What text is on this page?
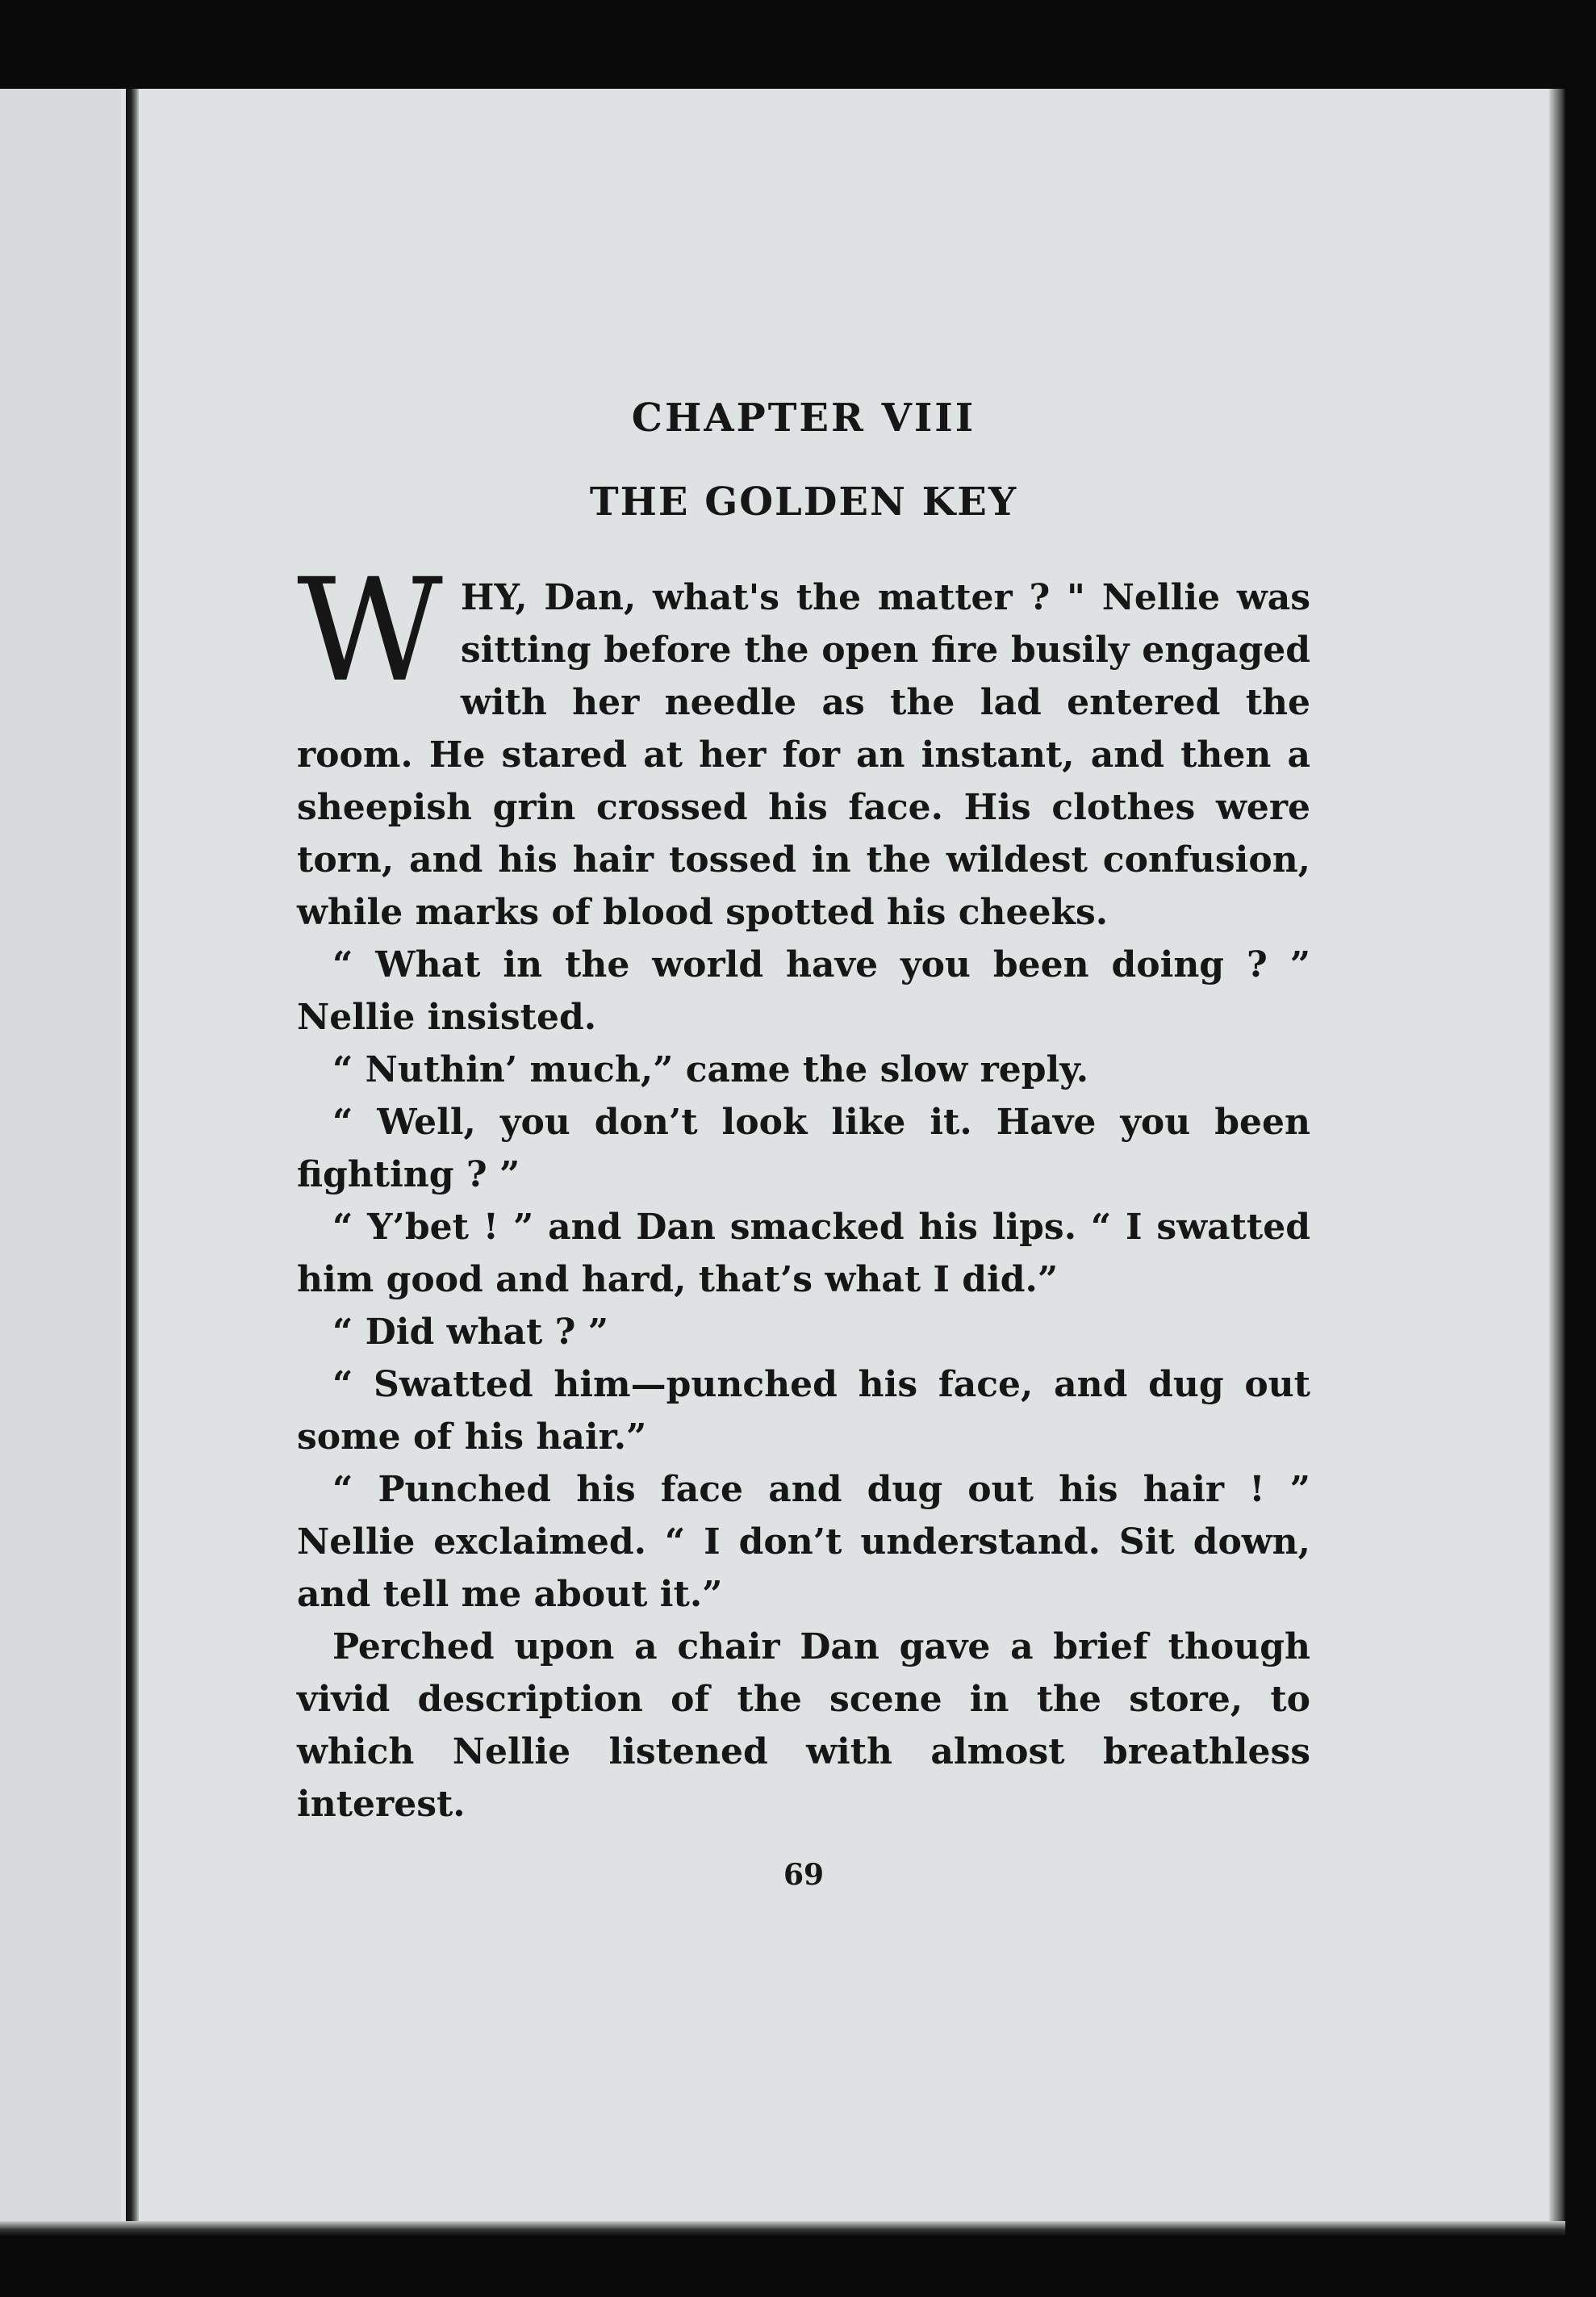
CHAPTER VIII
THE GOLDEN KEY

W HY, Dan, what's the matter ? " Nellie was sitting before the open fire busily engaged with her needle as the lad entered the room. He stared at her for an instant, and then a sheepish grin crossed his face. His clothes were torn, and his hair tossed in the wildest confusion, while marks of blood spotted his cheeks.

“ What in the world have you been doing ? ” Nellie insisted.

“ Nuthin’ much,” came the slow reply.

“ Well, you don’t look like it. Have you been fighting ? ”

“ Y’bet ! ” and Dan smacked his lips. “ I swatted him good and hard, that’s what I did.”

“ Did what ? ”

“ Swatted him—punched his face, and dug out some of his hair.”

“ Punched his face and dug out his hair ! ” Nellie exclaimed. “ I don’t understand. Sit down, and tell me about it.”

Perched upon a chair Dan gave a brief though vivid description of the scene in the store, to which Nellie listened with almost breathless interest.

69
